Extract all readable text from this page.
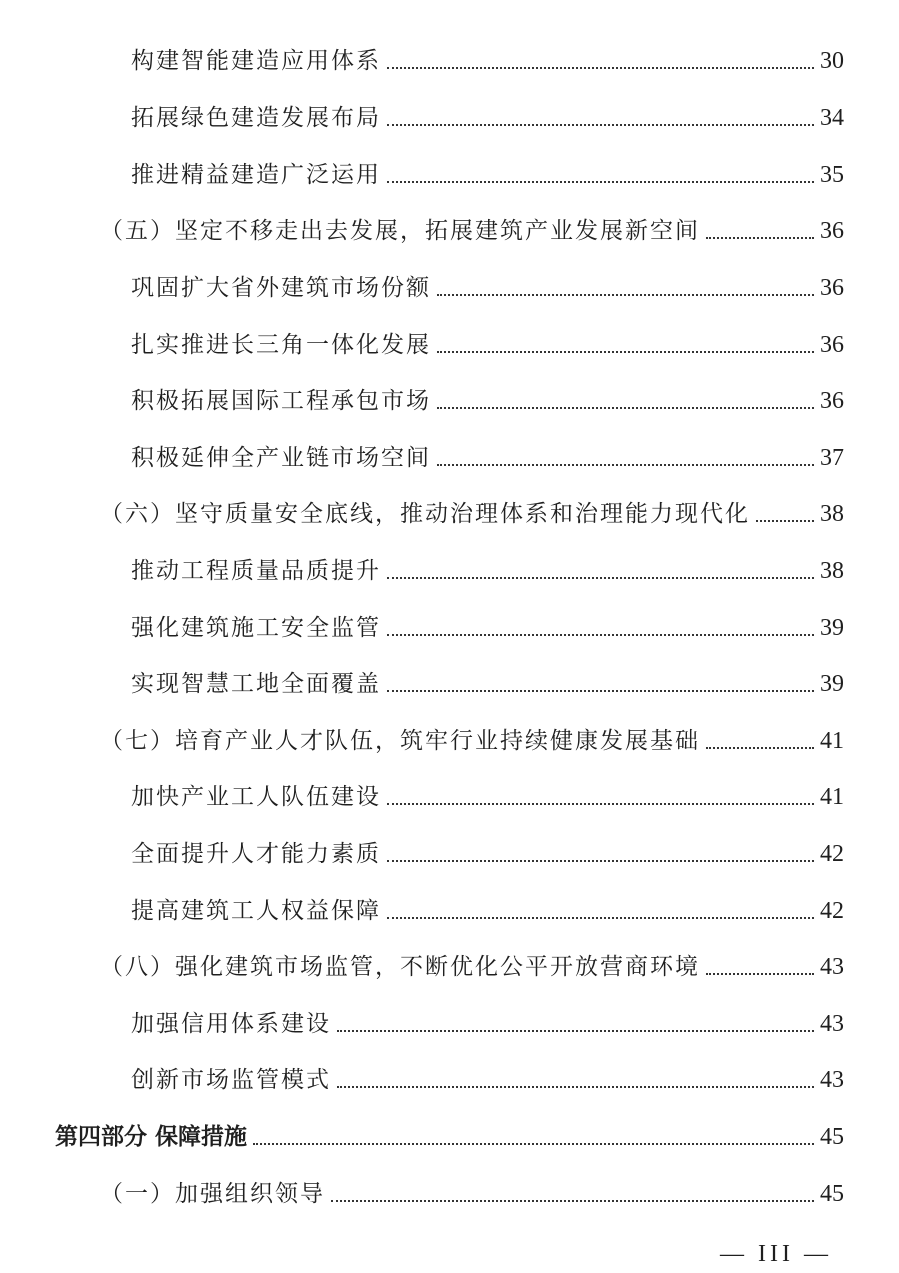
构建智能建造应用体系	30
拓展绿色建造发展布局	34
推进精益建造广泛运用	35
（五）坚定不移走出去发展，拓展建筑产业发展新空间	36
巩固扩大省外建筑市场份额	36
扎实推进长三角一体化发展	36
积极拓展国际工程承包市场	36
积极延伸全产业链市场空间	37
（六）坚守质量安全底线，推动治理体系和治理能力现代化	38
推动工程质量品质提升	38
强化建筑施工安全监管	39
实现智慧工地全面覆盖	39
（七）培育产业人才队伍，筑牢行业持续健康发展基础	41
加快产业工人队伍建设	41
全面提升人才能力素质	42
提高建筑工人权益保障	42
（八）强化建筑市场监管，不断优化公平开放营商环境	43
加强信用体系建设	43
创新市场监管模式	43
第四部分 保障措施	45
（一）加强组织领导	45
— III —
